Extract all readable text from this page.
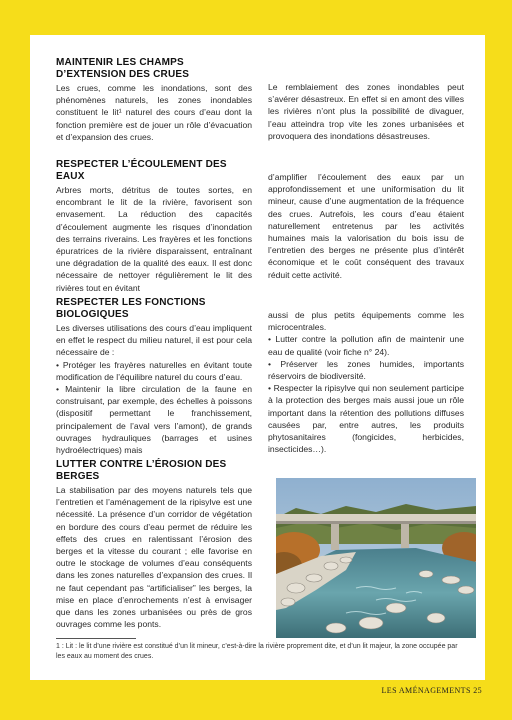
MAINTENIR LES CHAMPS D’EXTENSION DES CRUES

Les crues, comme les inondations, sont des phénomènes naturels, les zones inondables constituent le lit¹ naturel des cours d’eau dont la fonction première est de jouer un rôle d’évacuation et d’expansion des crues.

Le remblaiement des zones inondables peut s’avérer désastreux. En effet si en amont des villes les rivières n’ont plus la possibilité de divaguer, l’eau atteindra trop vite les zones urbanisées et provoquera des inondations désastreuses.

RESPECTER L’ÉCOULEMENT DES EAUX

Arbres morts, détritus de toutes sortes, en encombrant le lit de la rivière, favorisent son envasement. La réduction des capacités d’écoulement augmente les risques d’inondation des terrains riverains. Les frayères et les fonctions épuratrices de la rivière disparaissent, entraînant une dégradation de la qualité des eaux. Il est donc nécessaire de nettoyer régulièrement le lit des rivières tout en évitant

d’amplifier l’écoulement des eaux par un approfondissement et une uniformisation du lit mineur, cause d’une augmentation de la fréquence des crues. Autrefois, les cours d’eau étaient naturellement entretenus par les activités humaines mais la valorisation du bois issu de l’entretien des berges ne présente plus d’intérêt économique et le coût conséquent des travaux réduit cette activité.

RESPECTER LES FONCTIONS BIOLOGIQUES

Les diverses utilisations des cours d’eau impliquent en effet le respect du milieu naturel, il est pour cela nécessaire de :

• Protéger les frayères naturelles en évitant toute modification de l’équilibre naturel du cours d’eau.

• Maintenir la libre circulation de la faune en construisant, par exemple, des échelles à poissons (dispositif permettant le franchissement, principalement de l’aval vers l’amont), de grands ouvrages hydrauliques (barrages et usines hydroélectriques) mais

aussi de plus petits équipements comme les microcentrales.

• Lutter contre la pollution afin de maintenir une eau de qualité (voir fiche n° 24).

• Préserver les zones humides, importants réservoirs de biodiversité.

• Respecter la ripisylve qui non seulement participe à la protection des berges mais aussi joue un rôle important dans la rétention des pollutions diffuses causées par, entre autres, les produits phytosanitaires (fongicides, herbicides, insecticides…).

LUTTER CONTRE L’ÉROSION DES BERGES

La stabilisation par des moyens naturels tels que l’entretien et l’aménagement de la ripisylve est une nécessité. La présence d’un corridor de végétation en bordure des cours d’eau permet de réduire les effets des crues en ralentissant l’érosion des berges et la vitesse du courant ; elle favorise en outre le stockage de volumes d’eau conséquents dans les zones naturelles d’expansion des crues. Il ne faut cependant pas “artificialiser” les berges, la mise en place d’enrochements n’est à envisager que dans les zones urbanisées ou près de gros ouvrages comme les ponts.

1 : Lit : le lit d’une rivière est constitué d’un lit mineur, c’est-à-dire la rivière proprement dite, et d’un lit majeur, la zone occupée par les eaux au moment des crues.

LES AMÉNAGEMENTS 25
